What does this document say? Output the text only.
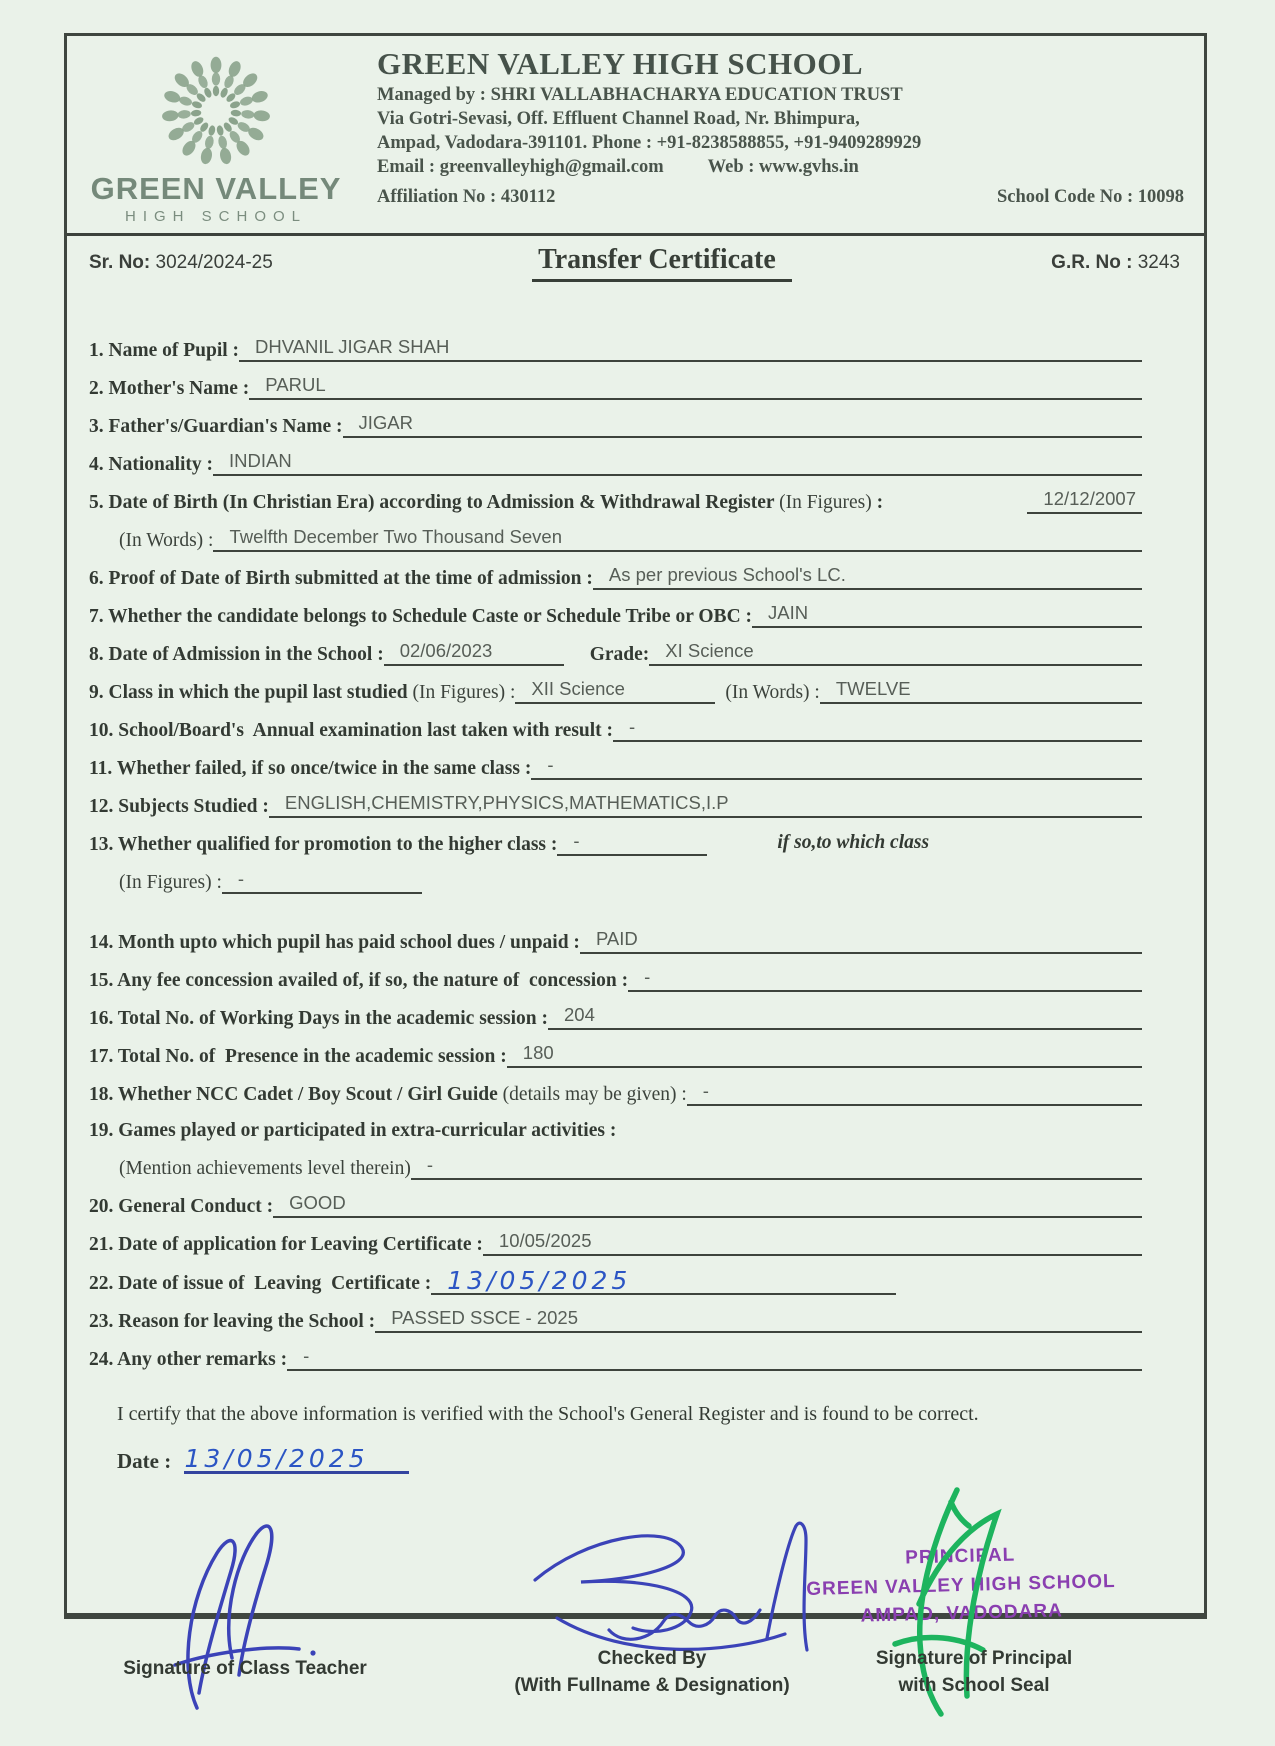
GREEN VALLEY
HIGH SCHOOL
GREEN VALLEY HIGH SCHOOL
Managed by : SHRI VALLABHACHARYA EDUCATION TRUST
Via Gotri-Sevasi, Off. Effluent Channel Road, Nr. Bhimpura,
Ampad, Vadodara-391101. Phone : +91-8238588855, +91-9409289929
Email : greenvalleyhigh@gmail.com Web : www.gvhs.in
Affiliation No : 430112	School Code No : 10098
Sr. No: 3024/2024-25	Transfer Certificate	G.R. No : 3243
1. Name of Pupil : DHVANIL JIGAR SHAH
2. Mother's Name : PARUL
3. Father's/Guardian's Name : JIGAR
4. Nationality : INDIAN
5. Date of Birth (In Christian Era) according to Admission & Withdrawal Register (In Figures) :	12/12/2007
(In Words) : Twelfth December Two Thousand Seven
6. Proof of Date of Birth submitted at the time of admission : As per previous School's LC.
7. Whether the candidate belongs to Schedule Caste or Schedule Tribe or OBC : JAIN
8. Date of Admission in the School : 02/06/2023	Grade: XI Science
9. Class in which the pupil last studied (In Figures) : XII Science	(In Words) : TWELVE
10. School/Board's  Annual examination last taken with result : -
11. Whether failed, if so once/twice in the same class : -
12. Subjects Studied : ENGLISH,CHEMISTRY,PHYSICS,MATHEMATICS,I.P
13. Whether qualified for promotion to the higher class : -	if so,to which class
(In Figures) : -
14. Month upto which pupil has paid school dues / unpaid : PAID
15. Any fee concession availed of, if so, the nature of  concession : -
16. Total No. of Working Days in the academic session : 204
17. Total No. of  Presence in the academic session : 180
18. Whether NCC Cadet / Boy Scout / Girl Guide (details may be given) : -
19. Games played or participated in extra-curricular activities :
(Mention achievements level therein) -
20. General Conduct : GOOD
21. Date of application for Leaving Certificate : 10/05/2025
22. Date of issue of  Leaving  Certificate : 13/05/2025
23. Reason for leaving the School : PASSED SSCE - 2025
24. Any other remarks : -
I certify that the above information is verified with the School's General Register and is found to be correct.
Date : 13/05/2025
PRINCIPAL
GREEN VALLEY HIGH SCHOOL
AMPAD, VADODARA
Signature of Class Teacher	Checked By
(With Fullname & Designation)
Signature of Principal
with School Seal
